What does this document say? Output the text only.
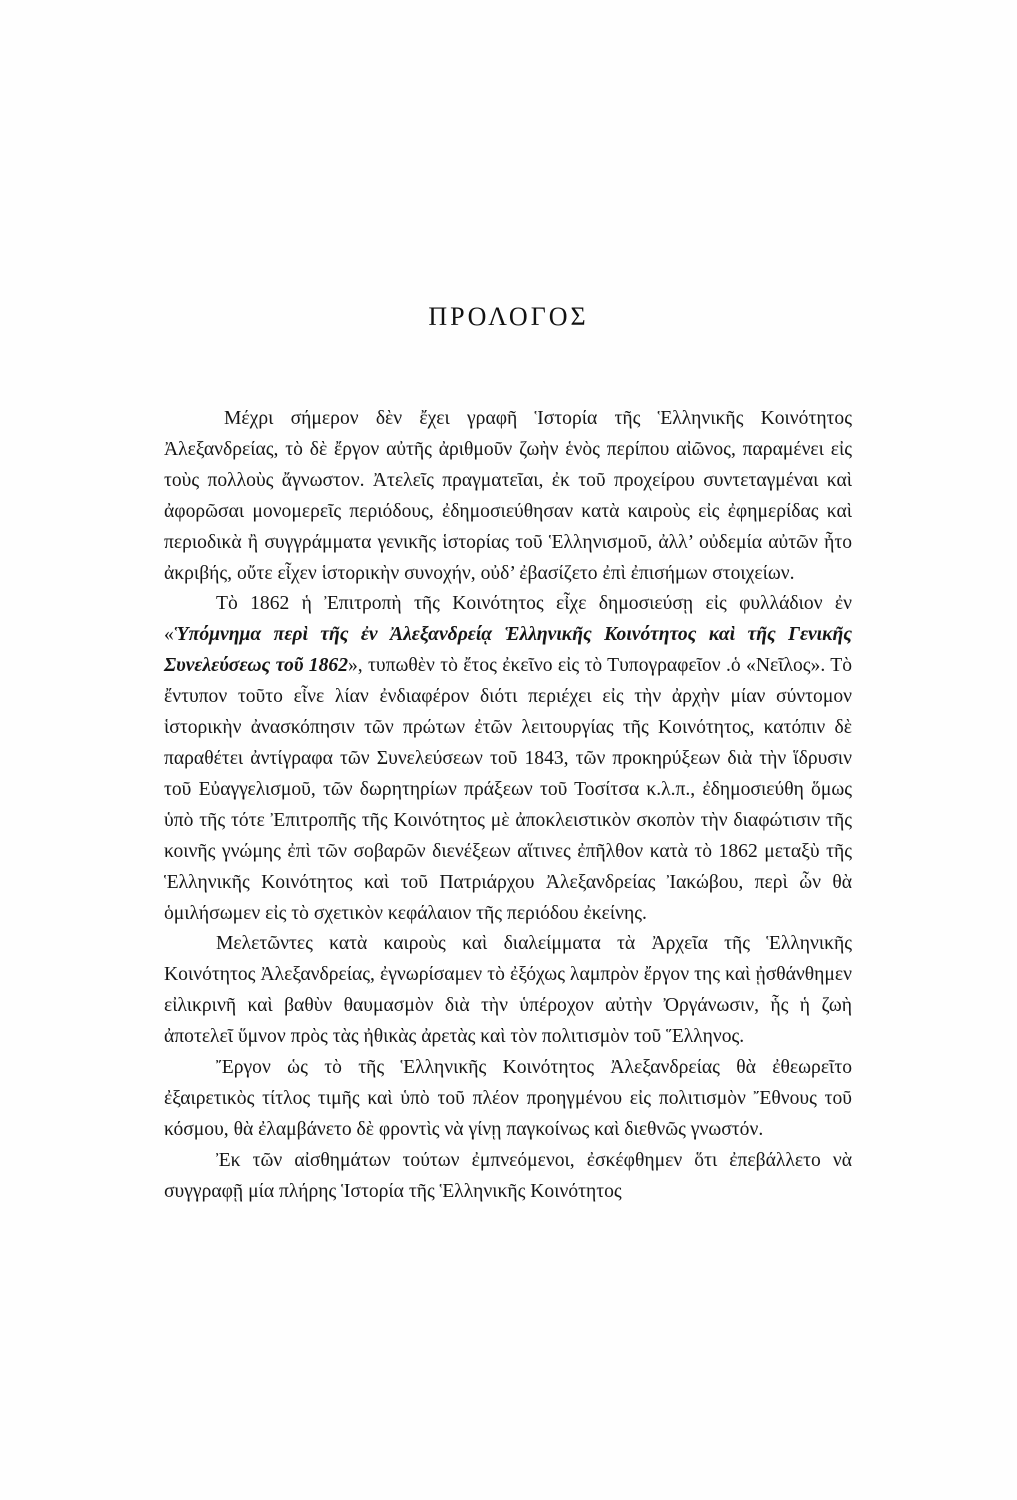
ΠΡΟΛΟΓΟΣ

Μέχρι σήμερον δὲν ἔχει γραφῆ Ἱστορία τῆς Ἑλληνικῆς Κοινότητος Ἀλεξανδρείας, τὸ δὲ ἔργον αὐτῆς ἀριθμοῦν ζωὴν ἑνὸς περίπου αἰῶνος, παραμένει εἰς τοὺς πολλοὺς ἄγνωστον. Ἀτελεῖς πραγματεῖαι, ἐκ τοῦ προχείρου συντεταγμέναι καὶ ἀφορῶσαι μονομερεῖς περιόδους, ἐδημοσιεύθησαν κατὰ καιροὺς εἰς ἐφημερίδας καὶ περιοδικὰ ἢ συγγράμματα γενικῆς ἱστορίας τοῦ Ἑλληνισμοῦ, ἀλλ’ οὐδεμία αὐτῶν ἦτο ἀκριβής, οὔτε εἶχεν ἱστορικὴν συνοχήν, οὐδ’ ἐβασίζετο ἐπὶ ἐπισήμων στοιχείων.

Τὸ 1862 ἡ Ἐπιτροπὴ τῆς Κοινότητος εἶχε δημοσιεύσῃ εἰς φυλλάδιον ἐν «Ὑπόμνημα περὶ τῆς ἐν Ἀλεξανδρείᾳ Ἑλληνικῆς Κοινότητος καὶ τῆς Γενικῆς Συνελεύσεως τοῦ 1862», τυπωθὲν τὸ ἔτος ἐκεῖνο εἰς τὸ Τυπογραφεῖον .ὁ «Νεῖλος». Τὸ ἔντυπον τοῦτο εἶνε λίαν ἐνδιαφέρον διότι περιέχει εἰς τὴν ἀρχὴν μίαν σύντομον ἱστορικὴν ἀνασκόπησιν τῶν πρώτων ἐτῶν λειτουργίας τῆς Κοινότητος, κατόπιν δὲ παραθέτει ἀντίγραφα τῶν Συνελεύσεων τοῦ 1843, τῶν προκηρύξεων διὰ τὴν ἵδρυσιν τοῦ Εὐαγγελισμοῦ, τῶν δωρητηρίων πράξεων τοῦ Τοσίτσα κ.λ.π., ἐδημοσιεύθη ὅμως ὑπὸ τῆς τότε Ἐπιτροπῆς τῆς Κοινότητος μὲ ἀποκλειστικὸν σκοπὸν τὴν διαφώτισιν τῆς κοινῆς γνώμης ἐπὶ τῶν σοβαρῶν διενέξεων αἵτινες ἐπῆλθον κατὰ τὸ 1862 μεταξὺ τῆς Ἑλληνικῆς Κοινότητος καὶ τοῦ Πατριάρχου Ἀλεξανδρείας Ἰακώβου, περὶ ὧν θὰ ὁμιλήσωμεν εἰς τὸ σχετικὸν κεφάλαιον τῆς περιόδου ἐκείνης.

Μελετῶντες κατὰ καιροὺς καὶ διαλείμματα τὰ Ἀρχεῖα τῆς Ἑλληνικῆς Κοινότητος Ἀλεξανδρείας, ἐγνωρίσαμεν τὸ ἐξόχως λαμπρὸν ἔργον της καὶ ᾐσθάνθημεν εἰλικρινῆ καὶ βαθὺν θαυμασμὸν διὰ τὴν ὑπέροχον αὐτὴν Ὀργάνωσιν, ἧς ἡ ζωὴ ἀποτελεῖ ὕμνον πρὸς τὰς ἠθικὰς ἀρετὰς καὶ τὸν πολιτισμὸν τοῦ Ἕλληνος.

Ἔργον ὡς τὸ τῆς Ἑλληνικῆς Κοινότητος Ἀλεξανδρείας θὰ ἐθεωρεῖτο ἐξαιρετικὸς τίτλος τιμῆς καὶ ὑπὸ τοῦ πλέον προηγμένου εἰς πολιτισμὸν Ἔθνους τοῦ κόσμου, θὰ ἐλαμβάνετο δὲ φροντὶς νὰ γίνῃ παγκοίνως καὶ διεθνῶς γνωστόν.

Ἐκ τῶν αἰσθημάτων τούτων ἐμπνεόμενοι, ἐσκέφθημεν ὅτι ἐπεβάλλετο νὰ συγγραφῇ μία πλήρης Ἱστορία τῆς Ἑλληνικῆς Κοινότητος
